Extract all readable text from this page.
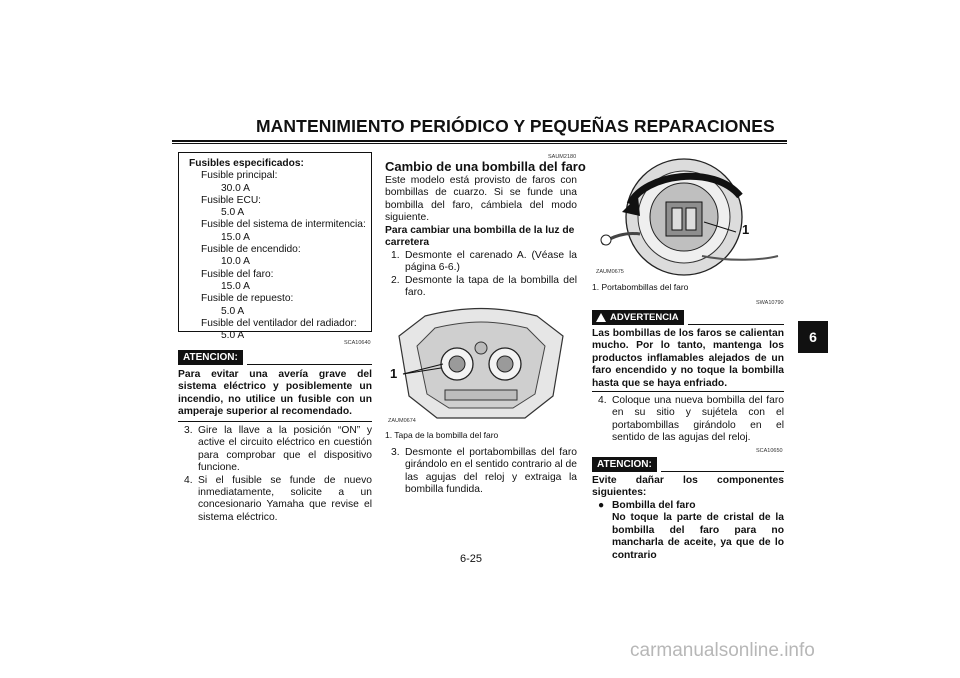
MANTENIMIENTO PERIÓDICO Y PEQUEÑAS REPARACIONES
6
Fusibles especificados:
Fusible principal:
30.0 A
Fusible ECU:
5.0 A
Fusible del sistema de intermitencia:
15.0 A
Fusible de encendido:
10.0 A
Fusible del faro:
15.0 A
Fusible de repuesto:
5.0 A
Fusible del ventilador del radiador:
5.0 A
SCA10640
ATENCION:
Para evitar una avería grave del sistema eléctrico y posiblemente un incendio, no utilice un fusible con un amperaje superior al recomendado.
3. Gire la llave a la posición “ON” y active el circuito eléctrico en cuestión para comprobar que el dispositivo funcione.
4. Si el fusible se funde de nuevo inmediatamente, solicite a un concesionario Yamaha que revise el sistema eléctrico.
SAUM2180
Cambio de una bombilla del faro
Este modelo está provisto de faros con bombillas de cuarzo. Si se funde una bombilla del faro, cámbiela del modo siguiente.
Para cambiar una bombilla de la luz de carretera
1. Desmonte el carenado A. (Véase la página 6-6.)
2. Desmonte la tapa de la bombilla del faro.
1
ZAUM0674
1. Tapa de la bombilla del faro
3. Desmonte el portabombillas del faro girándolo en el sentido contrario al de las agujas del reloj y extraiga la bombilla fundida.
1
ZAUM0675
1. Portabombillas del faro
SWA10790
ADVERTENCIA
Las bombillas de los faros se calientan mucho. Por lo tanto, mantenga los productos inflamables alejados de un faro encendido y no toque la bombilla hasta que se haya enfriado.
4. Coloque una nueva bombilla del faro en su sitio y sujétela con el portabombillas girándolo en el sentido de las agujas del reloj.
SCA10650
ATENCION:
Evite dañar los componentes siguientes:
● Bombilla del faro
No toque la parte de cristal de la bombilla del faro para no mancharla de aceite, ya que de lo contrario
6-25
carmanualsonline.info
